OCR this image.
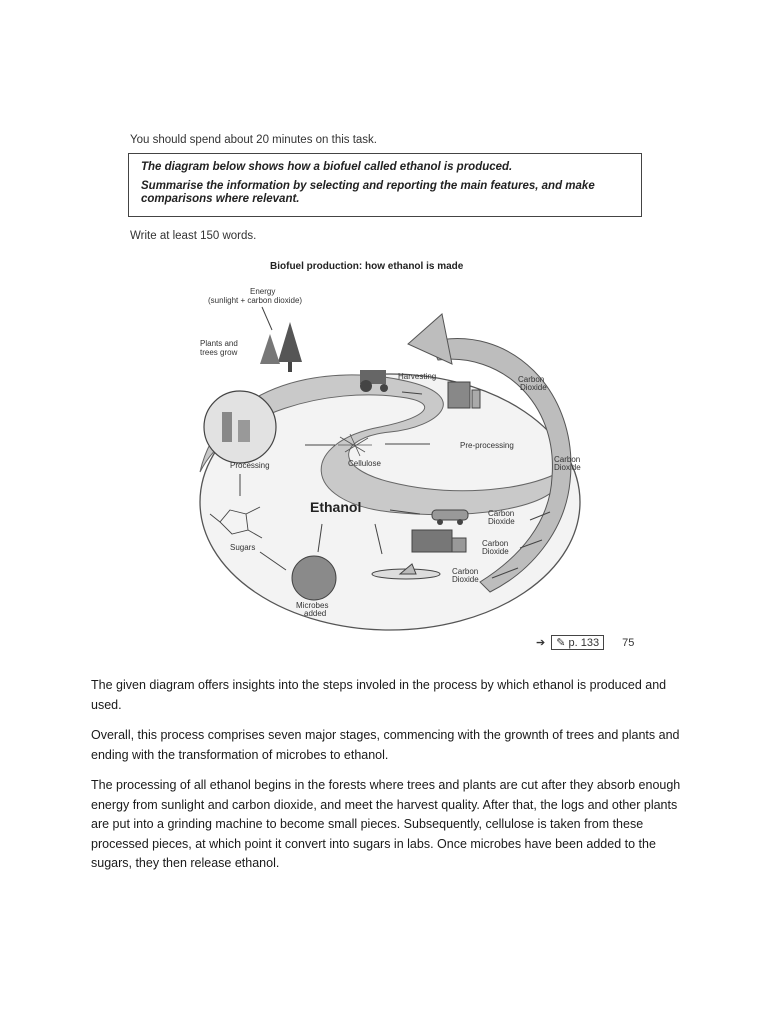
You should spend about 20 minutes on this task.

The diagram below shows how a biofuel called ethanol is produced.

Summarise the information by selecting and reporting the main features, and make comparisons where relevant.

Write at least 150 words.
Biofuel production: how ethanol is made
Energy
(sunlight + carbon dioxide)
Plants and
trees grow
Harvesting
Pre-processing
Cellulose
Processing
Sugars
Microbes
added
Ethanol	Carbon
Dioxide
Carbon
Dioxide
Carbon
Dioxide
Carbon
Dioxide
Carbon
Dioxide
➔	✎ p. 133	75

The given diagram offers insights into the steps involed in the process by which ethanol is produced and used.

Overall, this process comprises seven major stages, commencing with the grownth of trees and plants and ending with the transformation of microbes to ethanol.

The processing of all ethanol begins in the forests where trees and plants are cut after they absorb enough energy from sunlight and carbon dioxide, and meet the harvest quality. After that, the logs and other plants are put into a grinding machine to become small pieces. Subsequently, cellulose is taken from these processed pieces, at which point it convert into sugars in labs. Once microbes have been added to the sugars, they then release ethanol.
